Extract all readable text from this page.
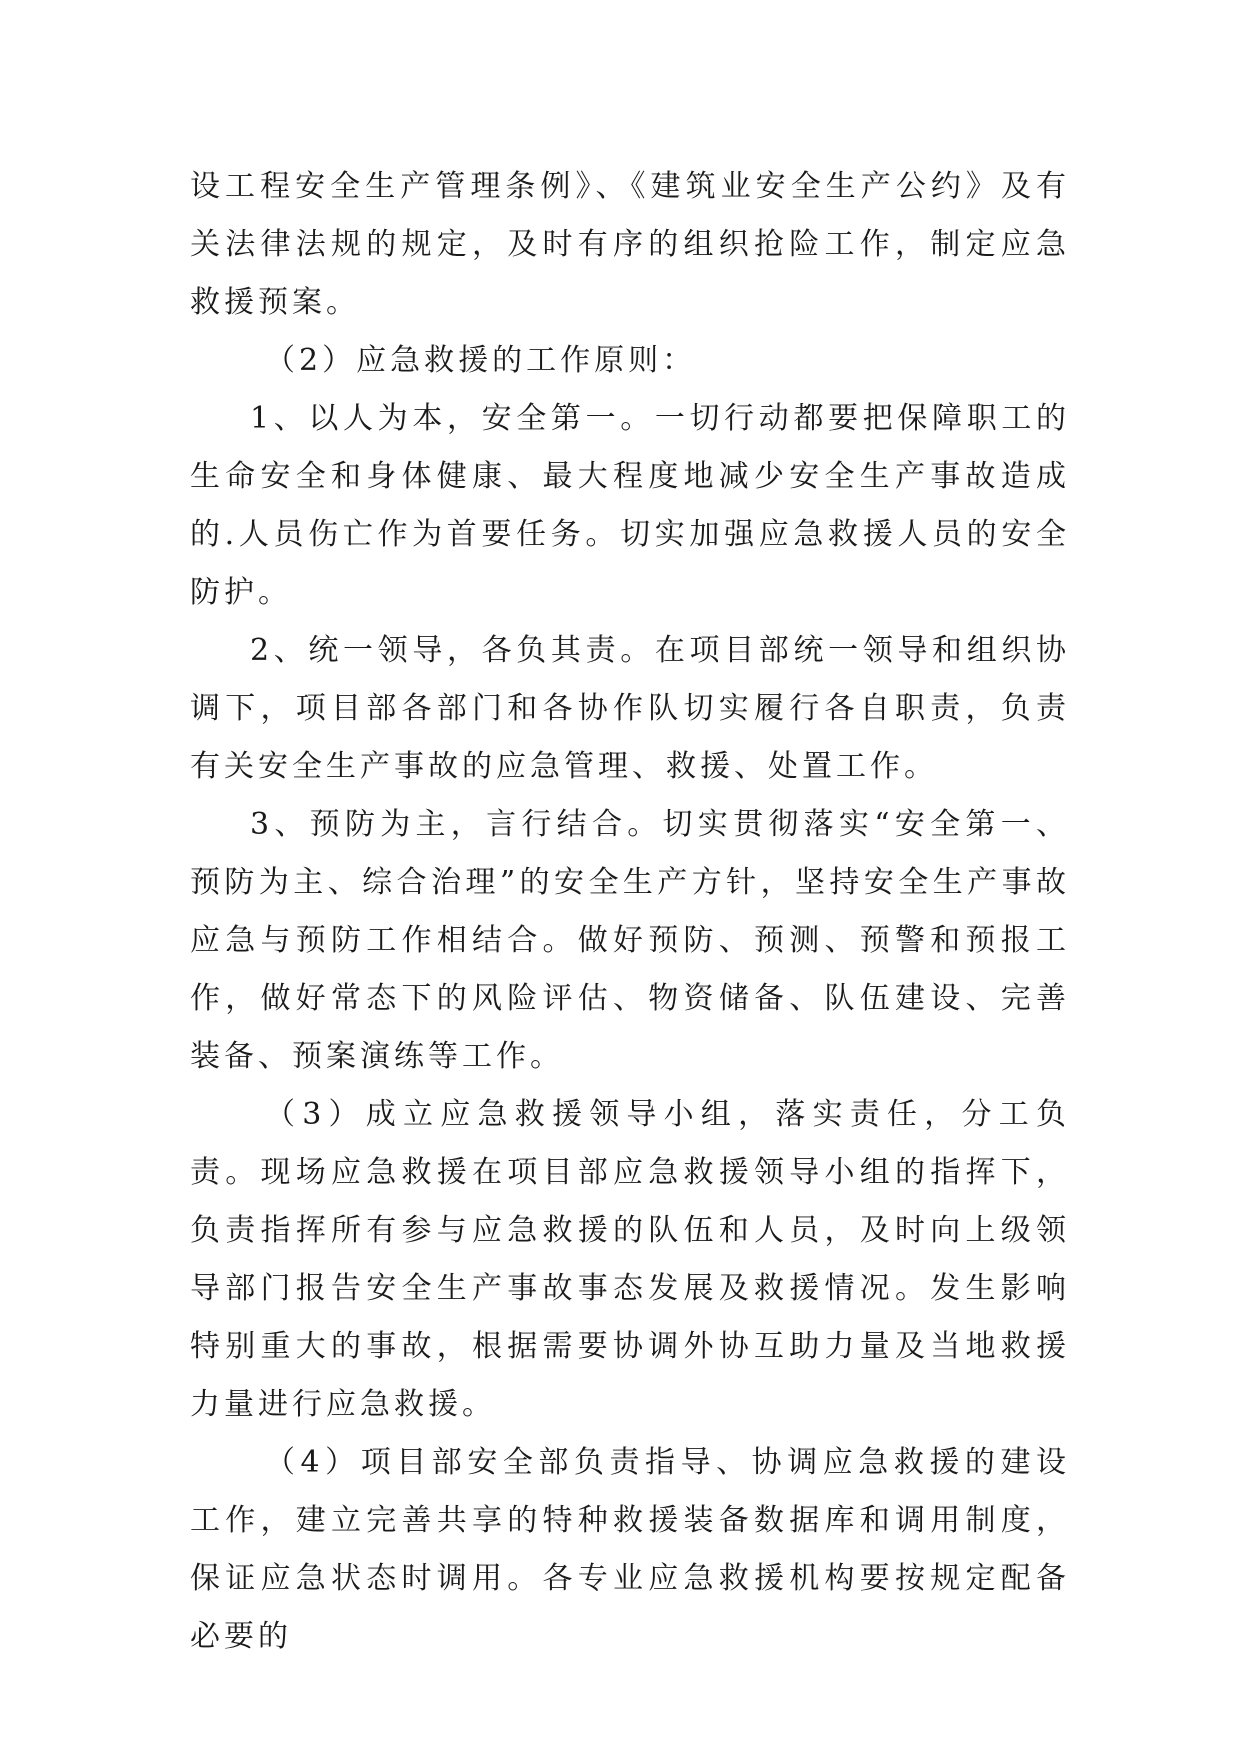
设工程安全生产管理条例》、《建筑业安全生产公约》及有关法律法规的规定，及时有序的组织抢险工作，制定应急救援预案。

（2）应急救援的工作原则：

1、以人为本，安全第一。一切行动都要把保障职工的生命安全和身体健康、最大程度地减少安全生产事故造成的.人员伤亡作为首要任务。切实加强应急救援人员的安全防护。

2、统一领导，各负其责。在项目部统一领导和组织协调下，项目部各部门和各协作队切实履行各自职责，负责有关安全生产事故的应急管理、救援、处置工作。

3、预防为主，言行结合。切实贯彻落实“安全第一、预防为主、综合治理”的安全生产方针，坚持安全生产事故应急与预防工作相结合。做好预防、预测、预警和预报工作，做好常态下的风险评估、物资储备、队伍建设、完善装备、预案演练等工作。

（3）成立应急救援领导小组，落实责任，分工负责。现场应急救援在项目部应急救援领导小组的指挥下，负责指挥所有参与应急救援的队伍和人员，及时向上级领导部门报告安全生产事故事态发展及救援情况。发生影响特别重大的事故，根据需要协调外协互助力量及当地救援力量进行应急救援。

（4）项目部安全部负责指导、协调应急救援的建设工作，建立完善共享的特种救援装备数据库和调用制度，保证应急状态时调用。各专业应急救援机构要按规定配备必要的
